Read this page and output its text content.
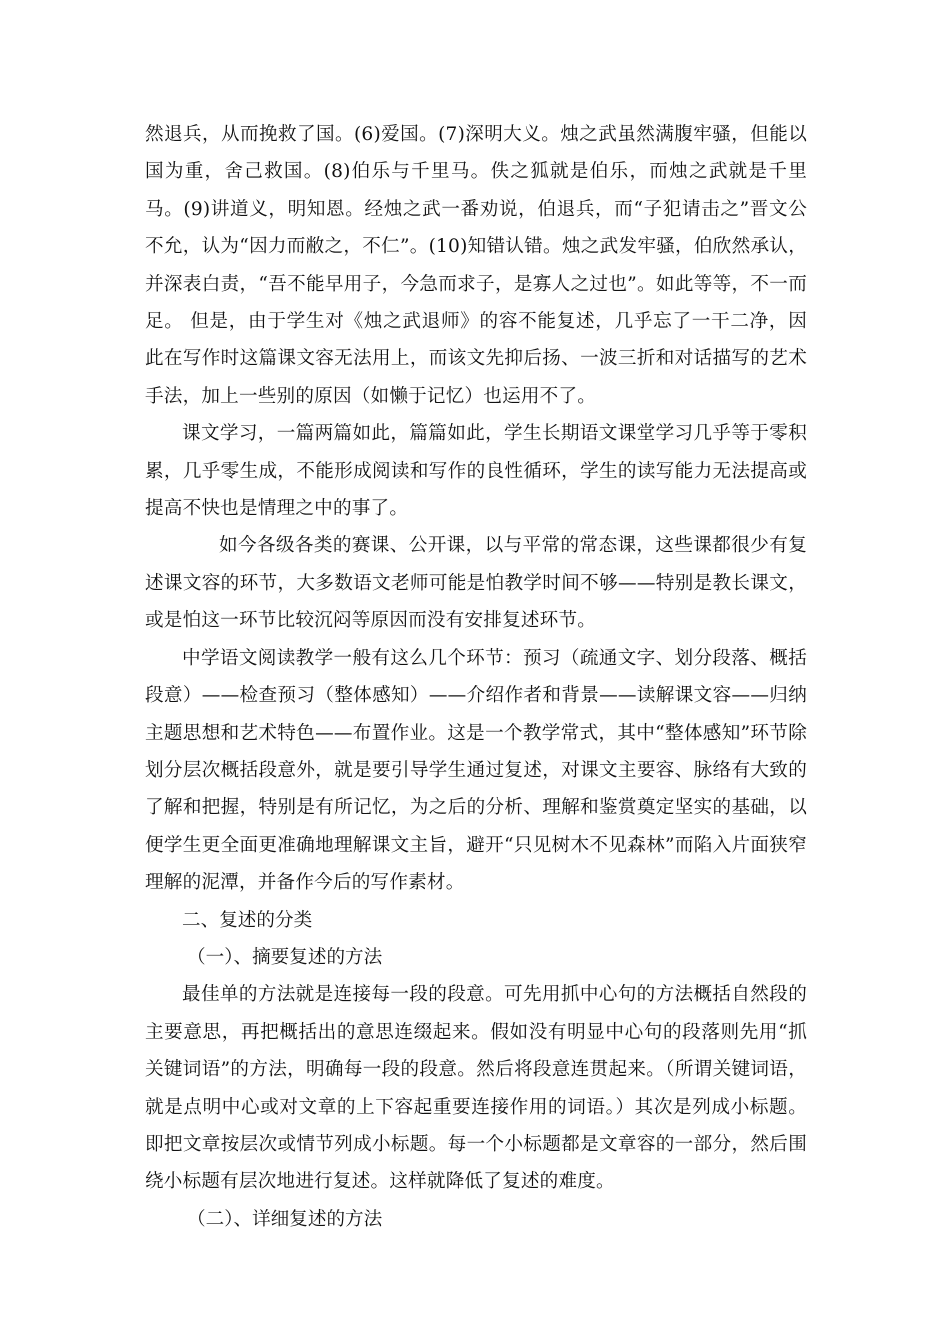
然退兵，从而挽救了国。(6)爱国。(7)深明大义。烛之武虽然满腹牢骚，但能以国为重，舍己救国。(8)伯乐与千里马。佚之狐就是伯乐，而烛之武就是千里马。(9)讲道义，明知恩。经烛之武一番劝说，伯退兵，而“子犯请击之”晋文公不允，认为“因力而敝之，不仁”。(10)知错认错。烛之武发牢骚，伯欣然承认，并深表白责，“吾不能早用子，今急而求子，是寡人之过也”。如此等等，不一而足。 但是，由于学生对《烛之武退师》的容不能复述，几乎忘了一干二净，因此在写作时这篇课文容无法用上，而该文先抑后扬、一波三折和对话描写的艺术手法，加上一些别的原因（如懒于记忆）也运用不了。

课文学习，一篇两篇如此，篇篇如此，学生长期语文课堂学习几乎等于零积累，几乎零生成，不能形成阅读和写作的良性循环，学生的读写能力无法提高或提高不快也是情理之中的事了。

如今各级各类的赛课、公开课，以与平常的常态课，这些课都很少有复述课文容的环节，大多数语文老师可能是怕教学时间不够——特别是教长课文，或是怕这一环节比较沉闷等原因而没有安排复述环节。

中学语文阅读教学一般有这么几个环节：预习（疏通文字、划分段落、概括段意）——检查预习（整体感知）——介绍作者和背景——读解课文容——归纳主题思想和艺术特色——布置作业。这是一个教学常式，其中“整体感知”环节除划分层次概括段意外，就是要引导学生通过复述，对课文主要容、脉络有大致的了解和把握，特别是有所记忆，为之后的分析、理解和鉴赏奠定坚实的基础，以便学生更全面更准确地理解课文主旨，避开“只见树木不见森林”而陷入片面狭窄理解的泥潭，并备作今后的写作素材。

二、复述的分类

（一）、摘要复述的方法

最佳单的方法就是连接每一段的段意。可先用抓中心句的方法概括自然段的主要意思，再把概括出的意思连缀起来。假如没有明显中心句的段落则先用“抓关键词语”的方法，明确每一段的段意。然后将段意连贯起来。（所谓关键词语，就是点明中心或对文章的上下容起重要连接作用的词语。）其次是列成小标题。即把文章按层次或情节列成小标题。每一个小标题都是文章容的一部分，然后围绕小标题有层次地进行复述。这样就降低了复述的难度。

（二）、详细复述的方法
